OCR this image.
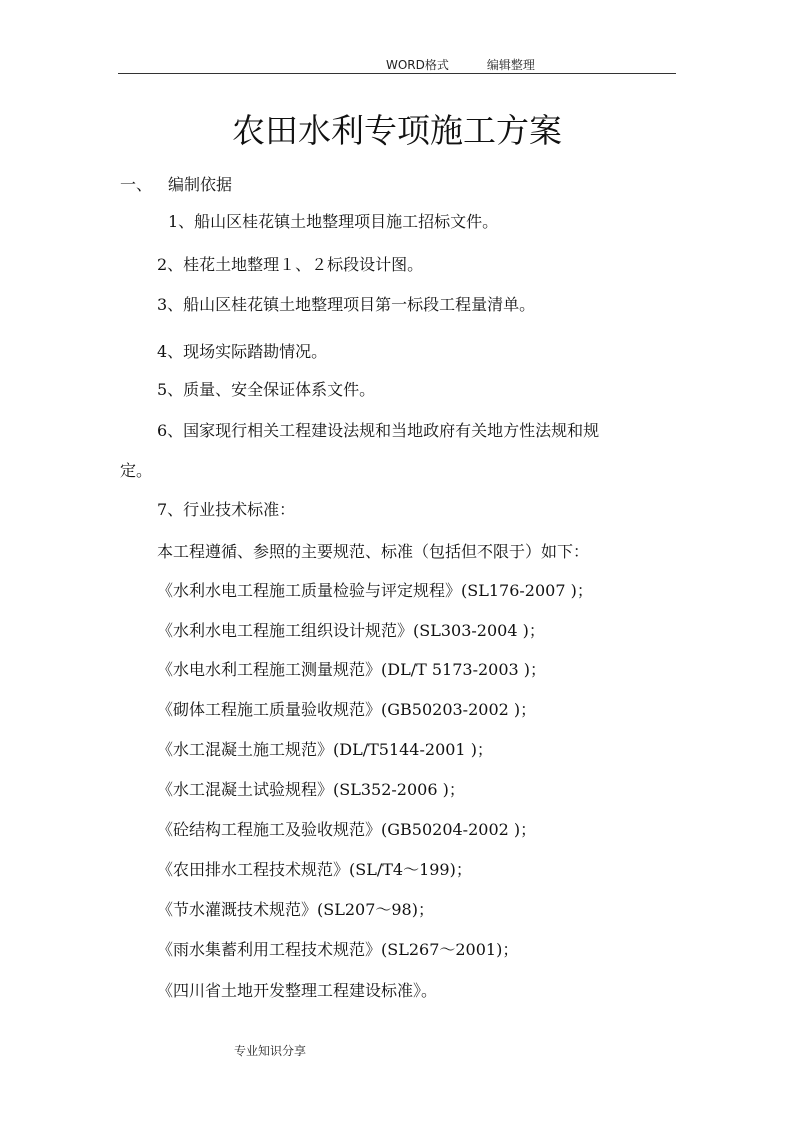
WORD格式	编辑整理
农田水利专项施工方案
一、 编制依据
1、船山区桂花镇土地整理项目施工招标文件。
2、桂花土地整理１、２标段设计图。
3、船山区桂花镇土地整理项目第一标段工程量清单。
4、现场实际踏勘情况。
5、质量、安全保证体系文件。
6、国家现行相关工程建设法规和当地政府有关地方性法规和规
定。
7、行业技术标准：
本工程遵循、参照的主要规范、标准（包括但不限于）如下：
《水利水电工程施工质量检验与评定规程》(SL176-2007 )；
《水利水电工程施工组织设计规范》(SL303-2004 )；
《水电水利工程施工测量规范》(DL/T 5173-2003 )；
《砌体工程施工质量验收规范》(GB50203-2002 )；
《水工混凝土施工规范》(DL/T5144-2001 )；
《水工混凝土试验规程》(SL352-2006 )；
《砼结构工程施工及验收规范》(GB50204-2002 )；
《农田排水工程技术规范》(SL/T4～199)；
《节水灌溉技术规范》(SL207～98)；
《雨水集蓄利用工程技术规范》(SL267～2001)；
《四川省土地开发整理工程建设标准》。
专业知识分享
